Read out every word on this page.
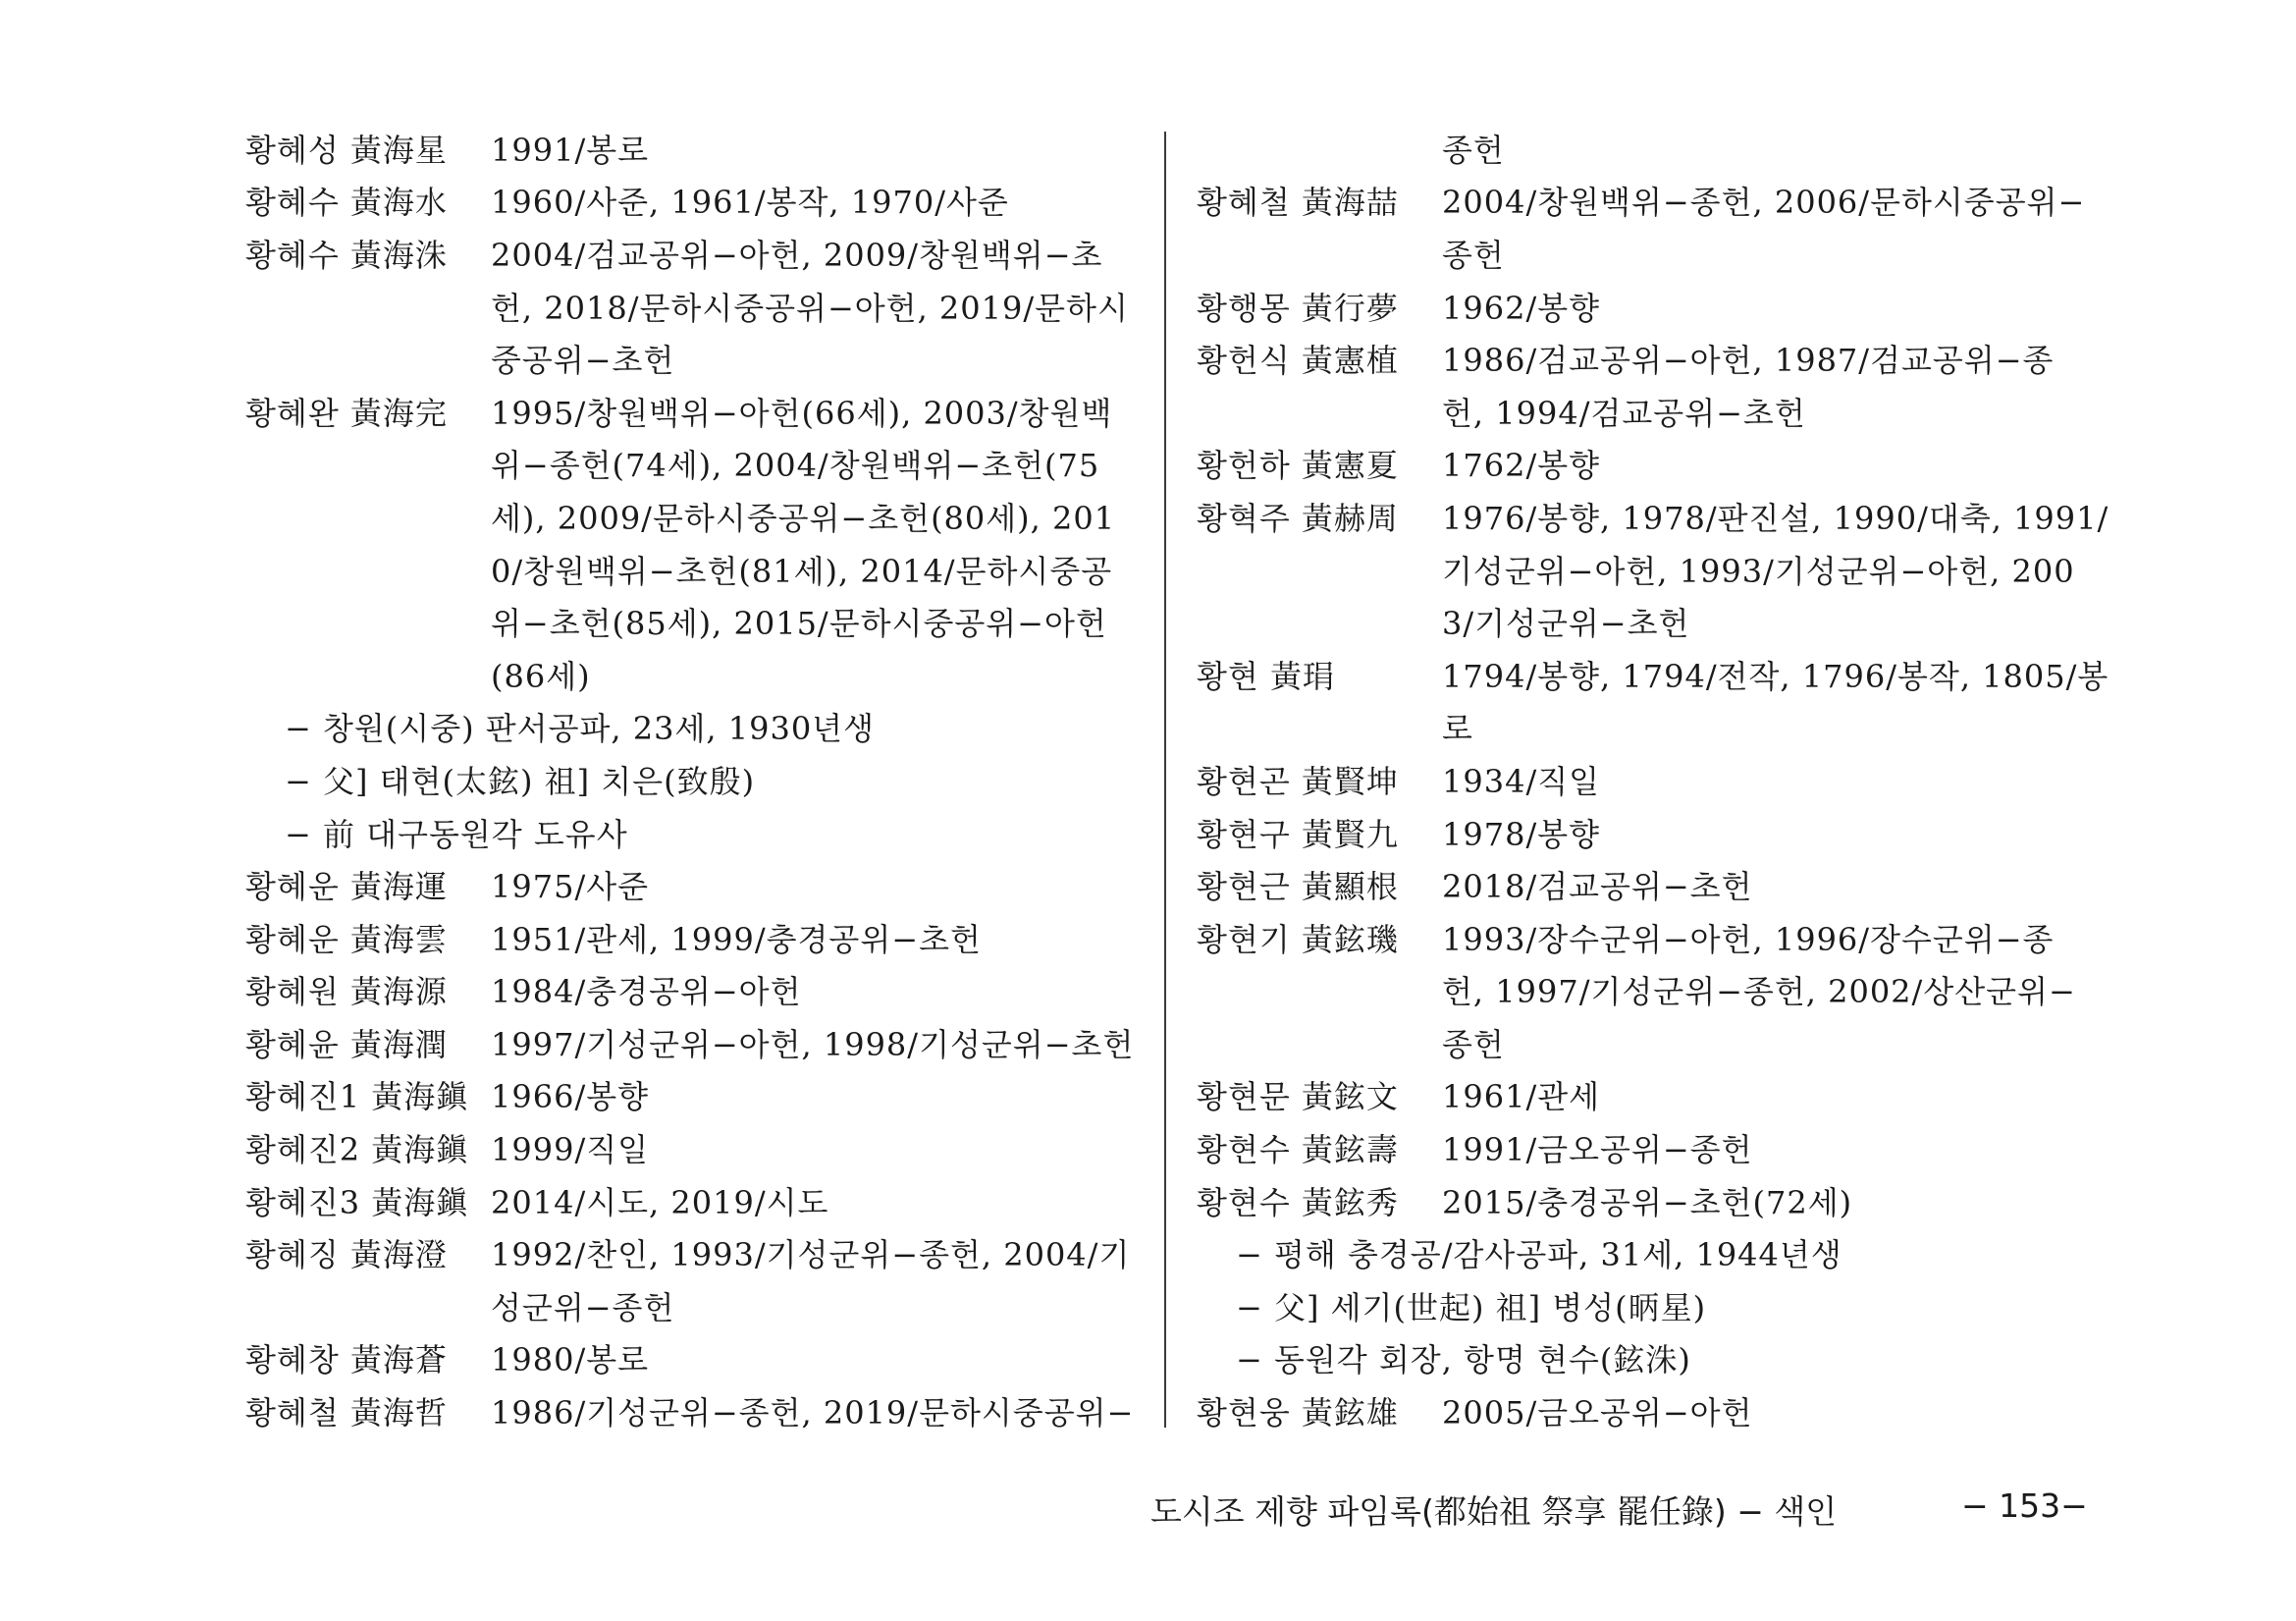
황혜성 黃海星	1991/봉로
황혜수 黃海水	1960/사준, 1961/봉작, 1970/사준
황혜수 黃海洙	2004/검교공위−아헌, 2009/창원백위−초
헌, 2018/문하시중공위−아헌, 2019/문하시
중공위−초헌
황혜완 黃海完	1995/창원백위−아헌(66세), 2003/창원백
위−종헌(74세), 2004/창원백위−초헌(75
세), 2009/문하시중공위−초헌(80세), 201
0/창원백위−초헌(81세), 2014/문하시중공
위−초헌(85세), 2015/문하시중공위−아헌
(86세)
− 창원(시중) 판서공파, 23세, 1930년생
− 父] 태현(太鉉) 祖] 치은(致殷)
− 前 대구동원각 도유사
황혜운 黃海運	1975/사준
황혜운 黃海雲	1951/관세, 1999/충경공위−초헌
황혜원 黃海源	1984/충경공위−아헌
황혜윤 黃海潤	1997/기성군위−아헌, 1998/기성군위−초헌
황혜진1 黃海鎭 1966/봉향
황혜진2 黃海鎭 1999/직일
황혜진3 黃海鎭 2014/시도, 2019/시도
황혜징 黃海澄	1992/찬인, 1993/기성군위−종헌, 2004/기
성군위−종헌
황혜창 黃海蒼	1980/봉로
황혜철 黃海哲	1986/기성군위−종헌, 2019/문하시중공위−
종헌
황혜철 黃海喆	2004/창원백위−종헌, 2006/문하시중공위−
종헌
황행몽 黃行夢	1962/봉향
황헌식 黃憲植	1986/검교공위−아헌, 1987/검교공위−종
헌, 1994/검교공위−초헌
황헌하 黃憲夏	1762/봉향
황혁주 黃赫周	1976/봉향, 1978/판진설, 1990/대축, 1991/
기성군위−아헌, 1993/기성군위−아헌, 200
3/기성군위−초헌
황현 黃琄	1794/봉향, 1794/전작, 1796/봉작, 1805/봉
로
황현곤 黃賢坤	1934/직일
황현구 黃賢九	1978/봉향
황현근 黃顯根	2018/검교공위−초헌
황현기 黃鉉璣	1993/장수군위−아헌, 1996/장수군위−종
헌, 1997/기성군위−종헌, 2002/상산군위−
종헌
황현문 黃鉉文	1961/관세
황현수 黃鉉壽	1991/금오공위−종헌
황현수 黃鉉秀	2015/충경공위−초헌(72세)
− 평해 충경공/감사공파, 31세, 1944년생
− 父] 세기(世起) 祖] 병성(昞星)
− 동원각 회장, 항명 현수(鉉洙)
황현웅 黃鉉雄	2005/금오공위−아헌
도시조 제향 파임록(都始祖 祭享 罷任錄) − 색인	− 153−
